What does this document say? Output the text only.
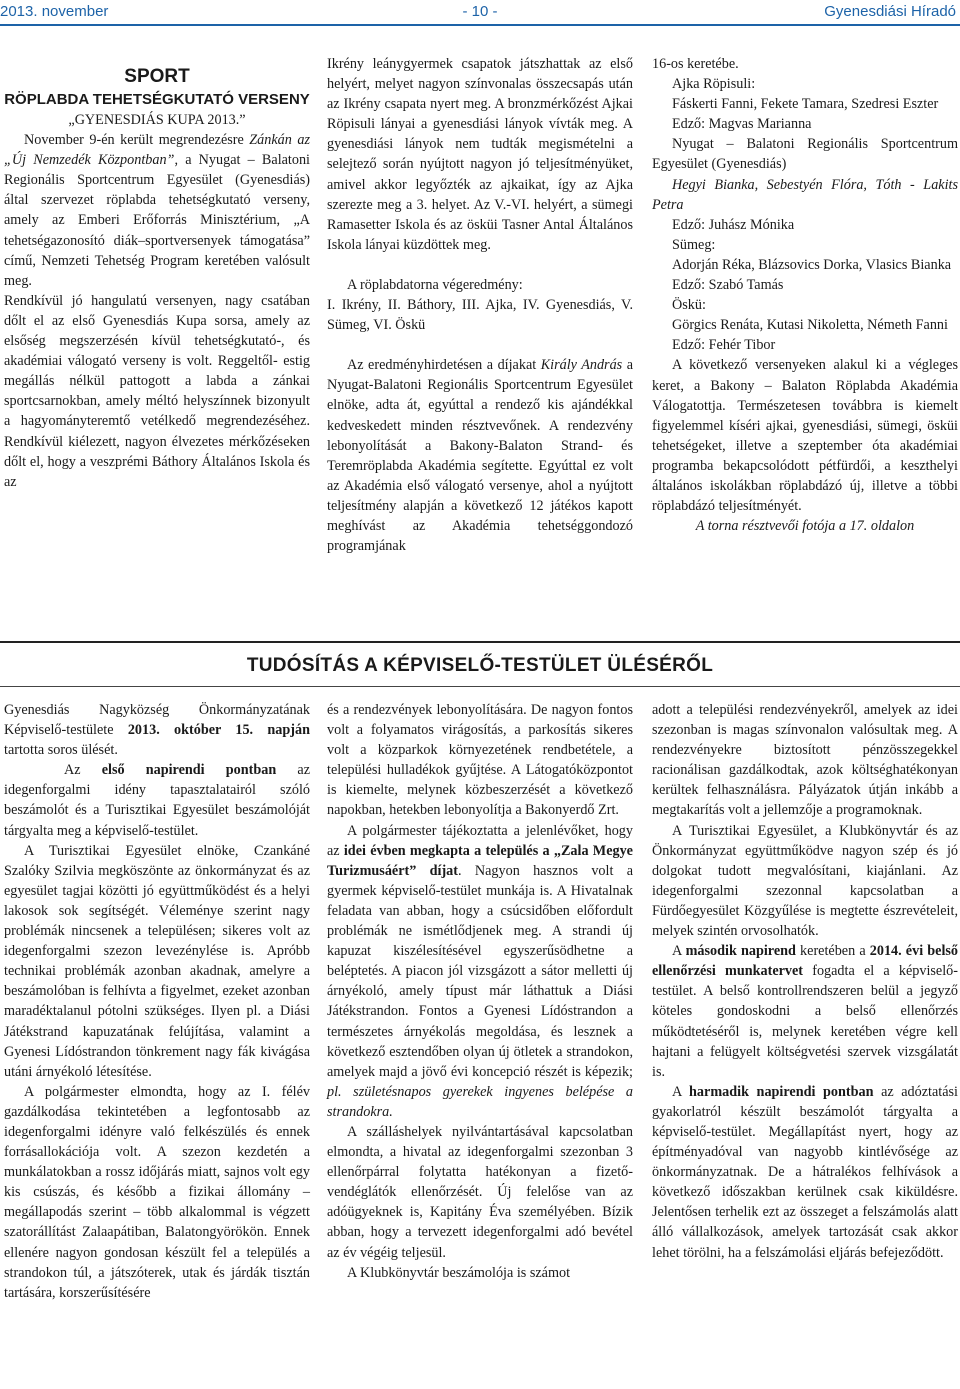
2013. november	- 10 -	Gyenesdiási Híradó

SPORT

RÖPLABDA TEHETSÉGKUTATÓ VERSENY

„GYENESDIÁS KUPA 2013.”

November 9-én került megrendezésre Zánkán az „Új Nemzedék Központban”, a Nyugat – Balatoni Regionális Sportcentrum Egyesület (Gyenesdiás) által szervezet röplabda tehetségkutató verseny, amely az Emberi Erőforrás Minisztérium, „A tehetségazonosító diák–sportversenyek támogatása” című, Nemzeti Tehetség Program keretében valósult meg.

Rendkívül jó hangulatú versenyen, nagy csatában dőlt el az első Gyenesdiás Kupa sorsa, amely az elsőség megszerzésén kívül tehetségkutató-, és akadémiai válogató verseny is volt. Reggeltől- estig megállás nélkül pattogott a labda a zánkai sportcsarnokban, amely méltó helyszínnek bizonyult a hagyományteremtő vetélkedő megrendezéséhez. Rendkívül kiélezett, nagyon élvezetes mérkőzéseken dőlt el, hogy a veszprémi Báthory Általános Iskola és az

Ikrény leánygyermek csapatok játszhattak az első helyért, melyet nagyon színvonalas összecsapás után az Ikrény csapata nyert meg. A bronzmérkőzést Ajkai Röpisuli lányai a gyenesdiási lányok vívták meg. A gyenesdiási lányok nem tudták megismételni a selejtező során nyújtott nagyon jó teljesítményüket, amivel akkor legyőzték az ajkaikat, így az Ajka szerezte meg a 3. helyet. Az V.-VI. helyért, a sümegi Ramasetter Iskola és az ösküi Tasner Antal Általános Iskola lányai küzdöttek meg.

A röplabdatorna végeredmény:

I. Ikrény, II. Báthory, III. Ajka, IV. Gyenesdiás, V. Sümeg, VI. Öskü

Az eredményhirdetésen a díjakat Király András a Nyugat-Balatoni Regionális Sportcentrum Egyesület elnöke, adta át, egyúttal a rendező kis ajándékkal kedveskedett minden résztvevőnek. A rendezvény lebonyolítását a Bakony-Balaton Strand- és Teremröplabda Akadémia segítette. Egyúttal ez volt az Akadémia első válogató versenye, ahol a nyújtott teljesítmény alapján a következő 12 játékos kapott meghívást az Akadémia tehetséggondozó programjának

16-os keretébe.

Ajka Röpisuli:

Fáskerti Fanni, Fekete Tamara, Szedresi Eszter

Edző: Magvas Marianna

Nyugat – Balatoni Regionális Sportcentrum Egyesület (Gyenesdiás)

Hegyi Bianka, Sebestyén Flóra, Tóth - Lakits Petra

Edző: Juhász Mónika

Sümeg:

Adorján Réka, Blázsovics Dorka, Vlasics Bianka

Edző: Szabó Tamás

Öskü:

Görgics Renáta, Kutasi Nikoletta, Németh Fanni

Edző: Fehér Tibor

A következő versenyeken alakul ki a végleges keret, a Bakony – Balaton Röplabda Akadémia Válogatottja. Természetesen továbbra is kiemelt figyelemmel kíséri ajkai, gyenesdiási, sümegi, ösküi tehetségeket, illetve a szeptember óta akadémiai programba bekapcsolódott pétfürdői, a keszthelyi általános iskolákban röplabdázó új, illetve a többi röplabdázó teljesítményét.

A torna résztvevői fotója a 17. oldalon

TUDÓSÍTÁS A KÉPVISELŐ-TESTÜLET ÜLÉSÉRŐL

Gyenesdiás Nagyközség Önkormányzatának Képviselő-testülete 2013. október 15. napján tartotta soros ülését.

Az első napirendi pontban az idegenforgalmi idény tapasztalatairól szóló beszámolót és a Turisztikai Egyesület beszámolóját tárgyalta meg a képviselő-testület.

A Turisztikai Egyesület elnöke, Czankáné Szalóky Szilvia megköszönte az önkormányzat és az egyesület tagjai közötti jó együttműködést és a helyi lakosok sok segítségét. Véleménye szerint nagy problémák nincsenek a településen; sikeres volt az idegenforgalmi szezon levezénylése is. Apróbb technikai problémák azonban akadnak, amelyre a beszámolóban is felhívta a figyelmet, ezeket azonban maradéktalanul pótolni szükséges. Ilyen pl. a Diási Játékstrand kapuzatának felújítása, valamint a Gyenesi Lídóstrandon tönkrement nagy fák kivágása utáni árnyékoló létesítése.

A polgármester elmondta, hogy az I. félév gazdálkodása tekintetében a legfontosabb az idegenforgalmi idényre való felkészülés és ennek forrásallokációja volt. A szezon kezdetén a munkálatokban a rossz időjárás miatt, sajnos volt egy kis csúszás, és később a fizikai állomány – megállapodás szerint – több alkalommal is végzett szatorállítást Zalaapátiban, Balatongyörökön. Ennek ellenére nagyon gondosan készült fel a település a strandokon túl, a játszóterek, utak és járdák tisztán tartására, korszerűsítésére

és a rendezvények lebonyolítására. De nagyon fontos volt a folyamatos virágosítás, a parkosítás sikeres volt a közparkok környezetének rendbetétele, a települési hulladékok gyűjtése. A Látogatóközpontot is kiemelte, melynek közbeszerzését a következő napokban, hetekben lebonyolítja a Bakonyerdő Zrt.

A polgármester tájékoztatta a jelenlévőket, hogy az idei évben megkapta a település a „Zala Megye Turizmusáért” díjat. Nagyon hasznos volt a gyermek képviselő-testület munkája is. A Hivatalnak feladata van abban, hogy a csúcsidőben előfordult problémák ne ismétlődjenek meg. A strandi új kapuzat kiszélesítésével egyszerűsödhetne a beléptetés. A piacon jól vizsgázott a sátor melletti új árnyékoló, amely típust már láthattuk a Diási Játékstrandon. Fontos a Gyenesi Lídóstrandon a természetes árnyékolás megoldása, és lesznek a következő esztendőben olyan új ötletek a strandokon, amelyek majd a jövő évi koncepció részét is képezik; pl. születésnapos gyerekek ingyenes belépése a strandokra.

A szálláshelyek nyilvántartásával kapcsolatban elmondta, a hivatal az idegenforgalmi szezonban 3 ellenőrpárral folytatta hatékonyan a fizető-vendéglátók ellenőrzését. Új felelőse van az adóügyeknek is, Kapitány Éva személyében. Bízik abban, hogy a tervezett idegenforgalmi adó bevétel az év végéig teljesül.

A Klubkönyvtár beszámolója is számot

adott a települési rendezvényekről, amelyek az idei szezonban is magas színvonalon valósultak meg. A rendezvényekre biztosított pénzösszegekkel racionálisan gazdálkodtak, azok költséghatékonyan kerültek felhasználásra. Pályázatok útján inkább a megtakarítás volt a jellemzője a programoknak.

A Turisztikai Egyesület, a Klubkönyvtár és az Önkormányzat együttműködve nagyon szép és jó dolgokat tudott megvalósítani, kiajánlani. Az idegenforgalmi szezonnal kapcsolatban a Fürdőegyesület Közgyűlése is megtette észrevételeit, melyek szintén orvosolhatók.

A második napirend keretében a 2014. évi belső ellenőrzési munkatervet fogadta el a képviselő-testület. A belső kontrollrendszeren belül a jegyző köteles gondoskodni a belső ellenőrzés működtetéséről is, melynek keretében végre kell hajtani a felügyelt költségvetési szervek vizsgálatát is.

A harmadik napirendi pontban az adóztatási gyakorlatról készült beszámolót tárgyalta a képviselő-testület. Megállapítást nyert, hogy az építményadóval van nagyobb kintlévősége az önkormányzatnak. De a hátralékos felhívások a következő időszakban kerülnek csak kiküldésre. Jelentősen terhelik ezt az összeget a felszámolás alatt álló vállalkozások, amelyek tartozását csak akkor lehet törölni, ha a felszámolási eljárás befejeződött.
